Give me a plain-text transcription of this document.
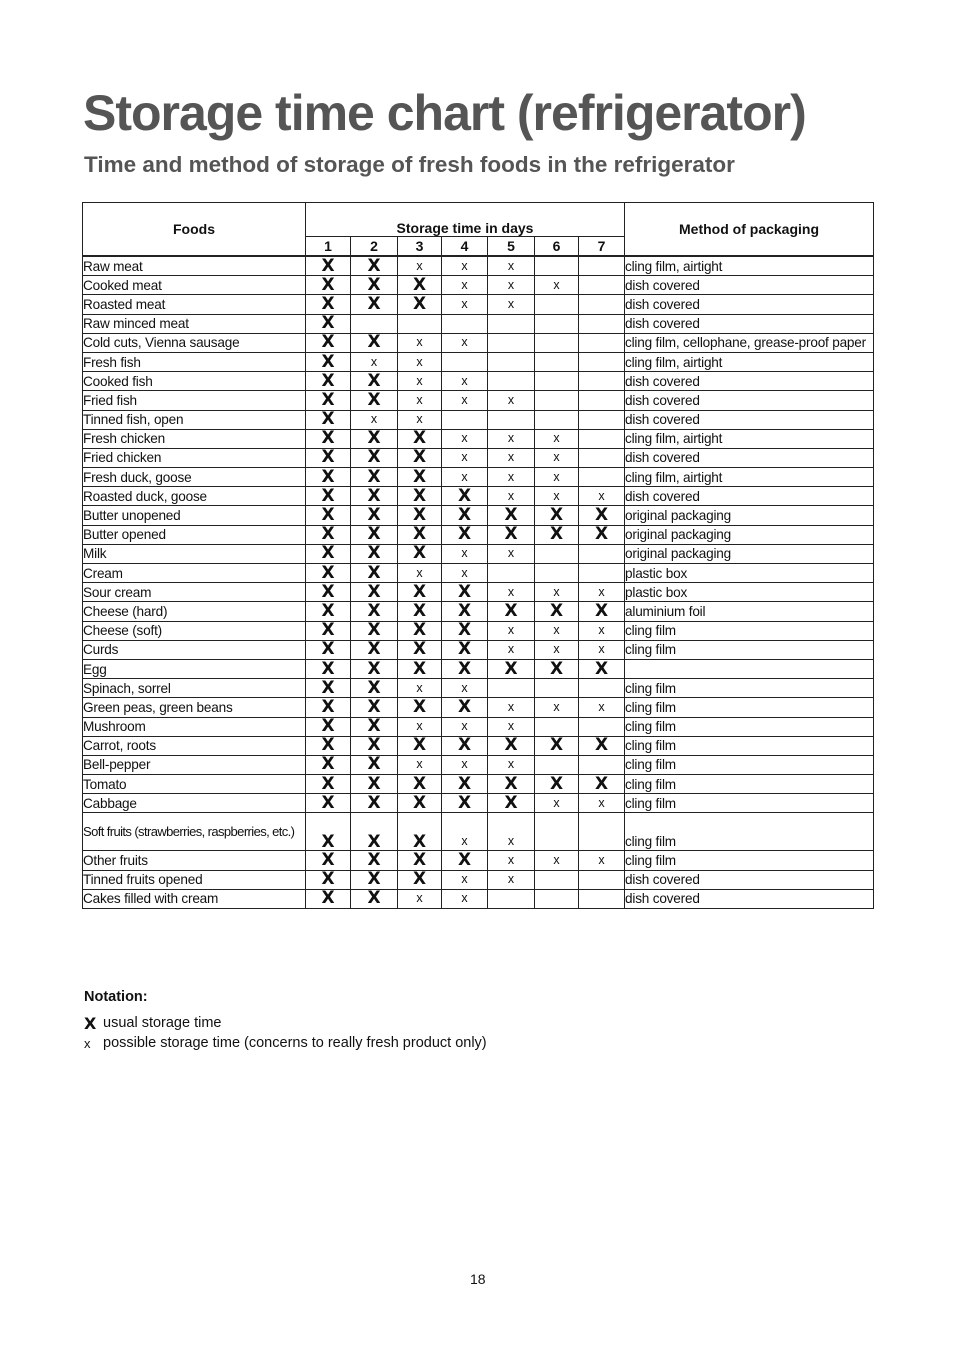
Storage time chart (refrigerator)
Time and method of storage of fresh foods in the refrigerator
Foods	Storage time in days							Method of packaging
	1	2	3	4	5	6	7	
Raw meat	X	X	x	x	x			cling film, airtight
Cooked meat	X	X	X	x	x	x		dish covered
Roasted meat	X	X	X	x	x			dish covered
Raw minced meat	X							dish covered
Cold cuts, Vienna sausage	X	X	x	x				cling film, cellophane, grease-proof paper
Fresh fish	X	x	x					cling film, airtight
Cooked fish	X	X	x	x				dish covered
Fried fish	X	X	x	x	x			dish covered
Tinned fish, open	X	x	x					dish covered
Fresh chicken	X	X	X	x	x	x		cling film, airtight
Fried chicken	X	X	X	x	x	x		dish covered
Fresh duck, goose	X	X	X	x	x	x		cling film, airtight
Roasted duck, goose	X	X	X	X	x	x	x	dish covered
Butter unopened	X	X	X	X	X	X	X	original packaging
Butter opened	X	X	X	X	X	X	X	original packaging
Milk	X	X	X	x	x			original packaging
Cream	X	X	x	x				plastic box
Sour cream	X	X	X	X	x	x	x	plastic box
Cheese (hard)	X	X	X	X	X	X	X	aluminium foil
Cheese (soft)	X	X	X	X	x	x	x	cling film
Curds	X	X	X	X	x	x	x	cling film
Egg	X	X	X	X	X	X	X	
Spinach, sorrel	X	X	x	x				cling film
Green peas, green beans	X	X	X	X	x	x	x	cling film
Mushroom	X	X	x	x	x			cling film
Carrot, roots	X	X	X	X	X	X	X	cling film
Bell-pepper	X	X	x	x	x			cling film
Tomato	X	X	X	X	X	X	X	cling film
Cabbage	X	X	X	X	X	x	x	cling film
Soft fruits (strawberries, raspberries, etc.)	X	X	X	x	x			cling film
Other fruits	X	X	X	X	x	x	x	cling film
Tinned fruits opened	X	X	X	x	x			dish covered
Cakes filled with cream	X	X	x	x				dish covered

Notation:

X usual storage time
x possible storage time (concerns to really fresh product only)
18
